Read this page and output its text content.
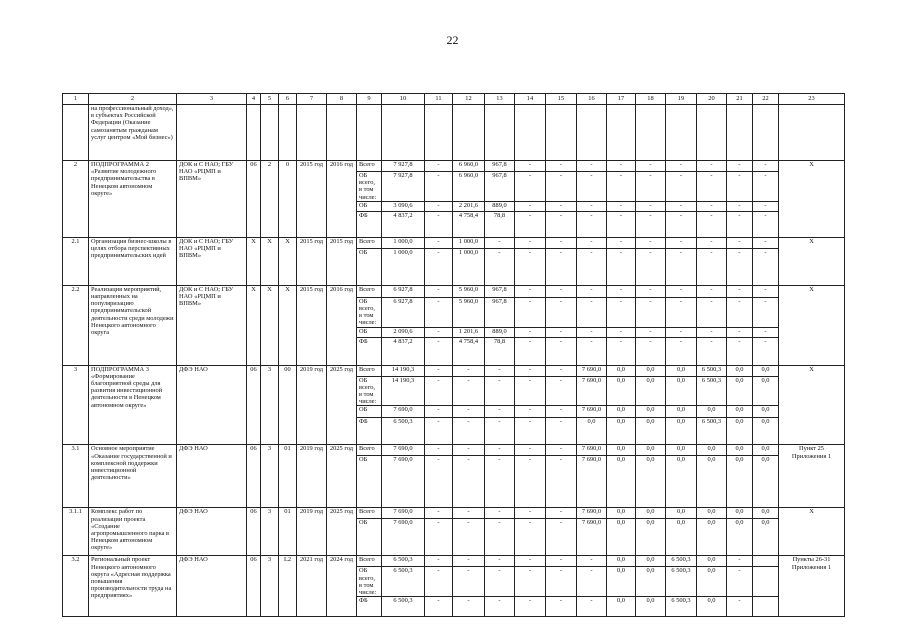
22
1	2	3	4	5	6	7	8	9	10	11	12	13	14	15	16	17	18	19	20	21	22	23
	на профессиональный доход», в субъектах Российской Федерации (Оказание самозанятым гражданам услуг центром «Мой бизнес»)																					
2	ПОДПРОГРАММА 2 «Развитие молодежного предпринимательства в Ненецком автономном округе»	ДОК и С НАО; ГБУ НАО «РЦМП и ВПВМ»	06	2	0	2015 год	2016 год	Всего	7 927,8	-	6 960,0	967,8	-	-	-	-	-	-	-	-	-	X
								ОБ всего, в том числе:	7 927,8	-	6 960,0	967,8	-	-	-	-	-	-	-	-	-	
								ОБ	3 090,6	-	2 201,6	889,0	-	-	-	-	-	-	-	-	-	
								ФБ	4 837,2	-	4 758,4	78,8	-	-	-	-	-	-	-	-	-	
2.1	Организация бизнес-школы в целях отбора перспективных предпринимательских идей	ДОК и С НАО; ГБУ НАО «РЦМП и ВПВМ»	X	X	X	2015 год	2015 год	Всего	1 000,0	-	1 000,0	-	-	-	-	-	-	-	-	-	-	X
								ОБ	1 000,0	-	1 000,0	-	-	-	-	-	-	-	-	-	-	
2.2	Реализация мероприятий, направленных на популяризацию предпринимательской деятельности среди молодежи Ненецкого автономного округа	ДОК и С НАО; ГБУ НАО «РЦМП и ВПВМ»	X	X	X	2015 год	2016 год	Всего	6 927,8	-	5 960,0	967,8	-	-	-	-	-	-	-	-	-	X
								ОБ всего, в том числе:	6 927,8	-	5 960,0	967,8	-	-	-	-	-	-	-	-	-	
								ОБ	2 090,6	-	1 201,6	889,0	-	-	-	-	-	-	-	-	-	
								ФБ	4 837,2	-	4 758,4	78,8	-	-	-	-	-	-	-	-	-	
3	ПОДПРОГРАММА 3 «Формирование благоприятной среды для развития инвестиционной деятельности в Ненецком автономном округе»	ДФЭ НАО	06	3	00	2019 год	2025 год	Всего	14 190,3	-	-	-	-	-	7 690,0	0,0	0,0	0,0	6 500,3	0,0	0,0	X
								ОБ всего, в том числе:	14 190,3	-	-	-	-	-	7 690,0	0,0	0,0	0,0	6 500,3	0,0	0,0	
								ОБ	7 690,0	-	-	-	-	-	7 690,0	0,0	0,0	0,0	0,0	0,0	0,0	
								ФБ	6 500,3	-	-	-	-	-	0,0	0,0	0,0	0,0	6 500,3	0,0	0,0	
3.1	Основное мероприятие «Оказание государственной и комплексной поддержки инвестиционной деятельности»	ДФЭ НАО	06	3	01	2019 год	2025 год	Всего	7 690,0	-	-	-	-	-	7 690,0	0,0	0,0	0,0	0,0	0,0	0,0	Пункт 25 Приложения 1
								ОБ	7 690,0	-	-	-	-	-	7 690,0	0,0	0,0	0,0	0,0	0,0	0,0	
3.1.1	Комплекс работ по реализации проекта «Создание агропромышленного парка в Ненецком автономном округе»	ДФЭ НАО	06	3	01	2019 год	2025 год	Всего	7 690,0	-	-	-	-	-	7 690,0	0,0	0,0	0,0	0,0	0,0	0,0	X
								ОБ	7 690,0	-	-	-	-	-	7 690,0	0,0	0,0	0,0	0,0	0,0	0,0	
3.2	Региональный проект Ненецкого автономного округа «Адресная поддержка повышения производительности труда на предприятиях»	ДФЭ НАО	06	3	L2	2021 год	2024 год	Всего	6 500,3	-	-	-	-	-	-	0,0	0,0	6 500,3	0,0	-		Пункты 26-31 Приложения 1
								ОБ всего, в том числе:	6 500,3	-	-	-	-	-	-	0,0	0,0	6 500,3	0,0	-		
								ФБ	6 500,3	-	-	-	-	-	-	0,0	0,0	6 500,3	0,0	-		
